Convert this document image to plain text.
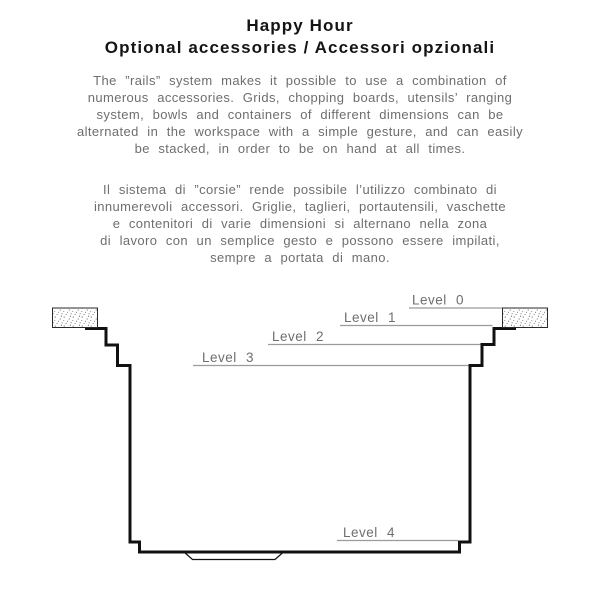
Happy Hour
Optional accessories / Accessori opzionali
The ”rails” system makes it possible to use a combination of
numerous accessories. Grids, chopping boards, utensils’ ranging
system, bowls and containers of different dimensions can be
alternated in the workspace with a simple gesture, and can easily
be stacked, in order to be on hand at all times.
Il sistema di ”corsie” rende possibile l’utilizzo combinato di
innumerevoli accessori. Griglie, taglieri, portautensili, vaschette
e contenitori di varie dimensioni si alternano nella zona
di lavoro con un semplice gesto e possono essere impilati,
sempre a portata di mano.
Level 0
Level 1
Level 2
Level 3
Level 4
